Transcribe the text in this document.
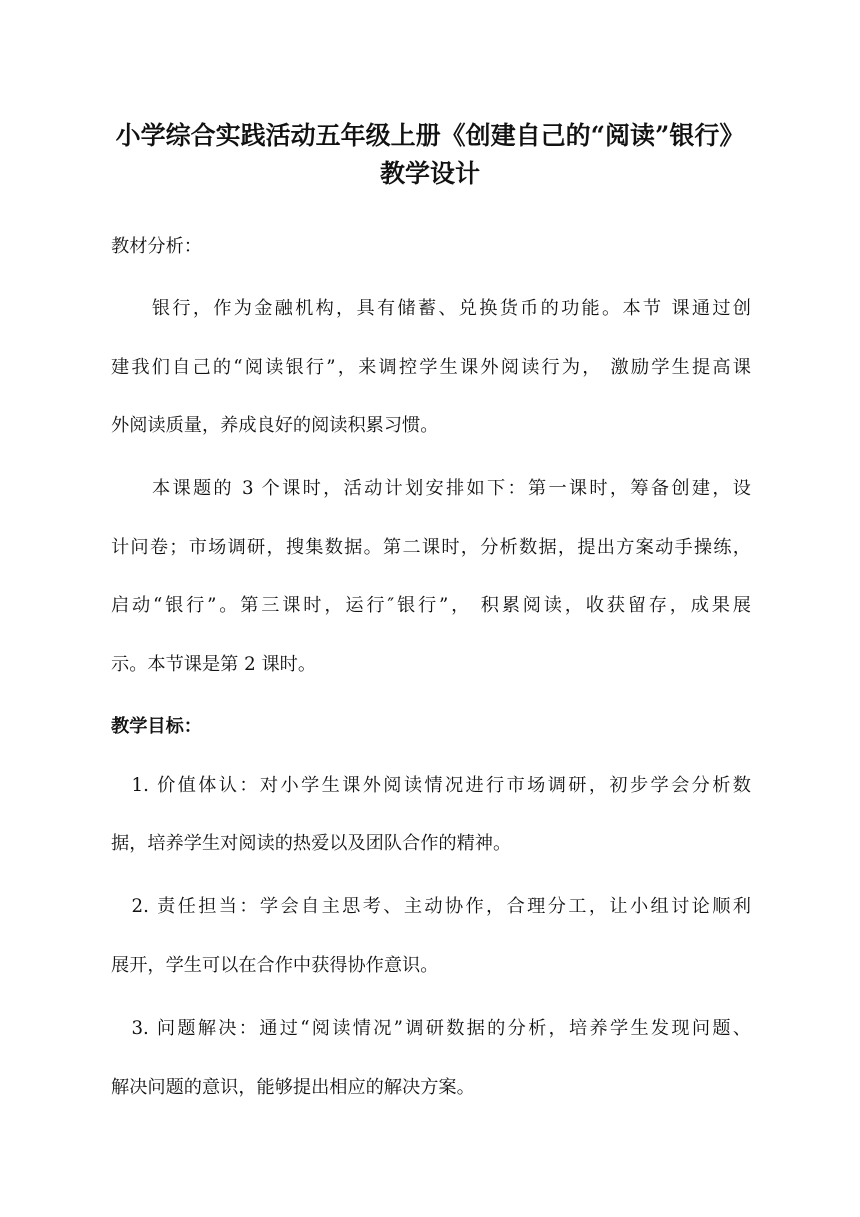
小学综合实践活动五年级上册《创建自己的“阅读”银行》
教学设计
教材分析：
　　银行，作为金融机构，具有储蓄、兑换货币的功能。本节 课通过创
建我们自己的“阅读银行”，来调控学生课外阅读行为， 激励学生提高课
外阅读质量，养成良好的阅读积累习惯。
　　本课题的 3 个课时，活动计划安排如下：第一课时，筹备创建，设
计问卷；市场调研，搜集数据。第二课时，分析数据，提出方案动手操练，
启动“银行”。第三课时，运行″银行”， 积累阅读，收获留存，成果展
示。本节课是第 2 课时。
教学目标：
　1. 价值体认：对小学生课外阅读情况进行市场调研，初步学会分析数
据，培养学生对阅读的热爱以及团队合作的精神。
　2. 责任担当：学会自主思考、主动协作，合理分工，让小组讨论顺利
展开，学生可以在合作中获得协作意识。
　3. 问题解决：通过“阅读情况”调研数据的分析，培养学生发现问题、
解决问题的意识，能够提出相应的解决方案。
